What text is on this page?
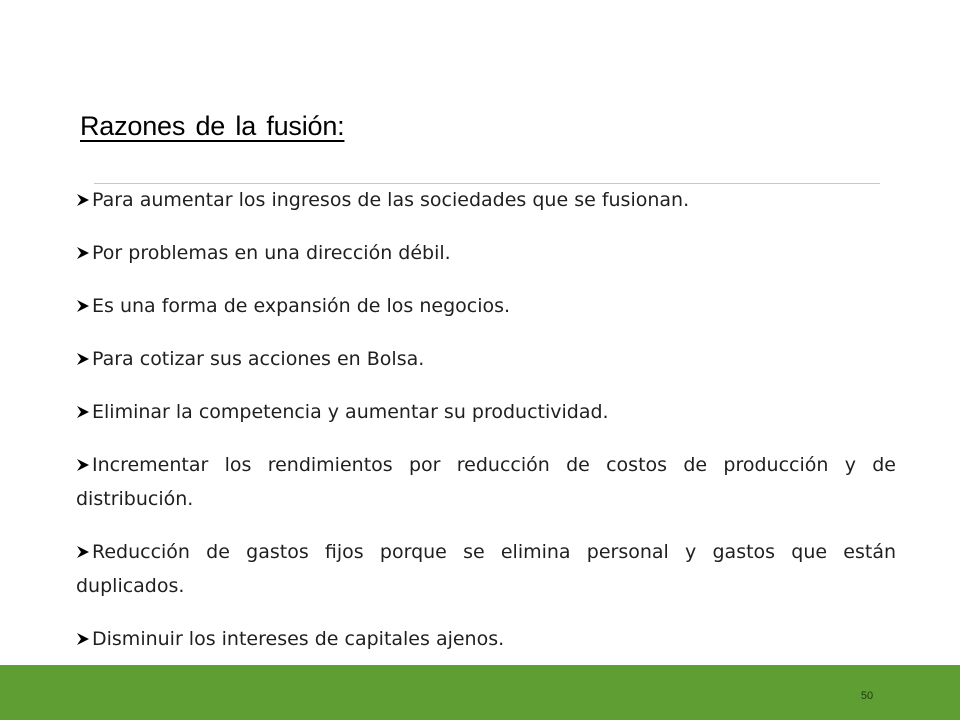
Razones de la fusión:
Para aumentar los ingresos de las sociedades que se fusionan.
Por problemas en una dirección débil.
Es una forma de expansión de los negocios.
Para cotizar sus acciones en Bolsa.
Eliminar la competencia y aumentar su productividad.
Incrementar los rendimientos por reducción de costos de producción y de distribución.
Reducción de gastos fijos porque se elimina personal y gastos que están duplicados.
Disminuir los intereses de capitales ajenos.
50
